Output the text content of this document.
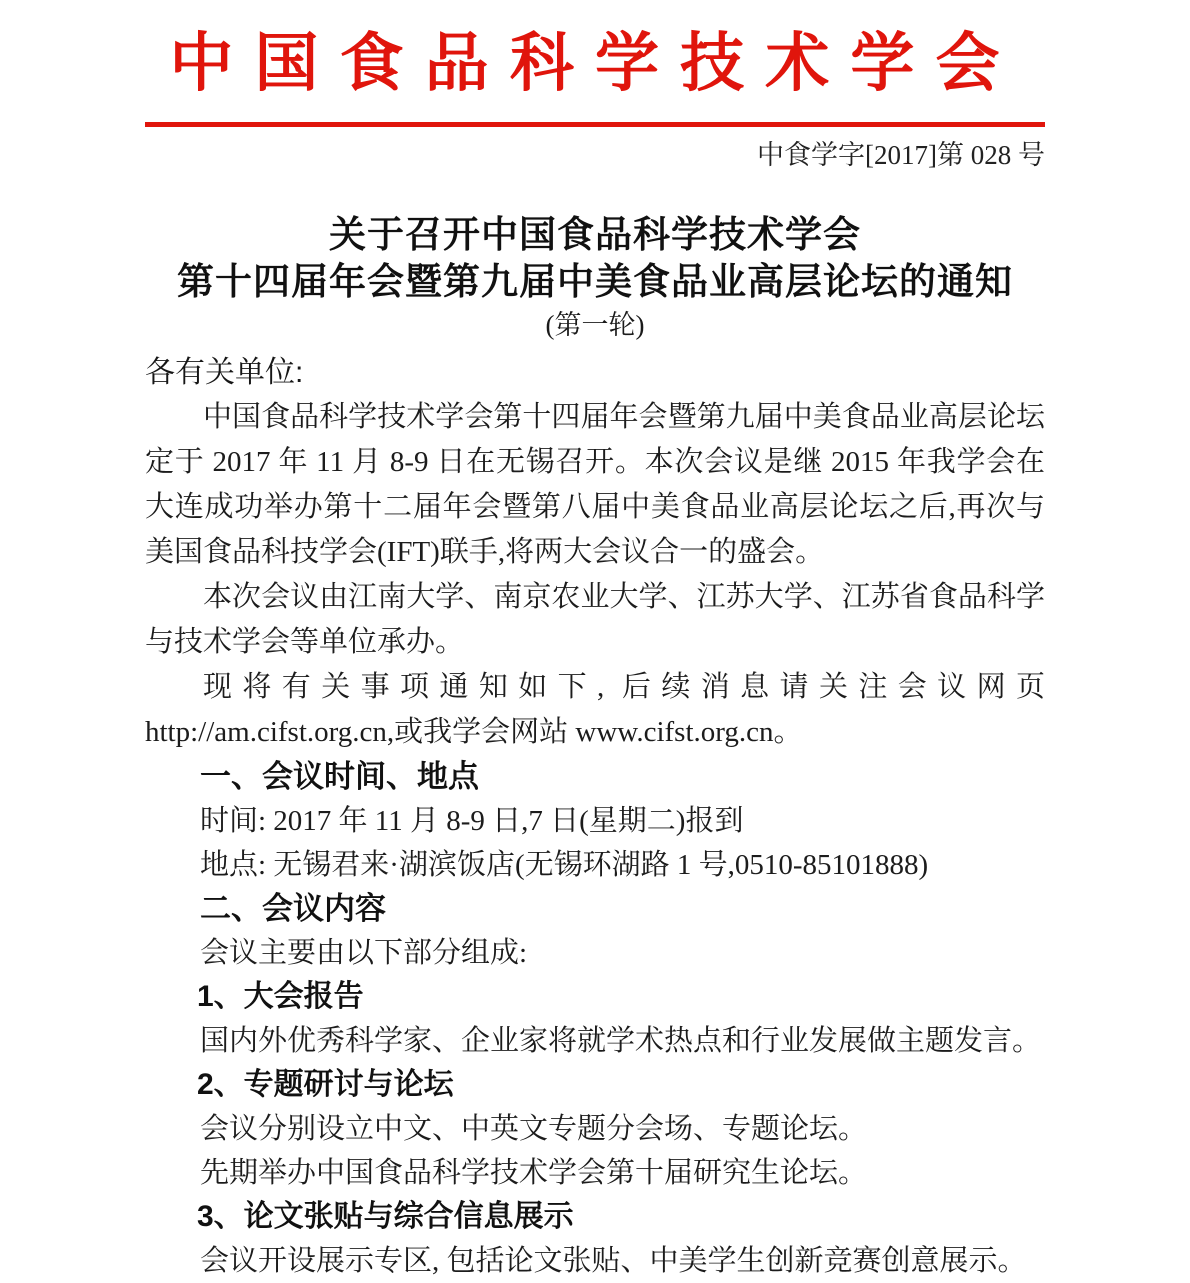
中国食品科学技术学会
中食学字[2017]第 028 号
关于召开中国食品科学技术学会
第十四届年会暨第九届中美食品业高层论坛的通知
(第一轮)
各有关单位:

中国食品科学技术学会第十四届年会暨第九届中美食品业高层论坛定于 2017 年 11 月 8-9 日在无锡召开。本次会议是继 2015 年我学会在大连成功举办第十二届年会暨第八届中美食品业高层论坛之后,再次与美国食品科技学会(IFT)联手,将两大会议合一的盛会。

本次会议由江南大学、南京农业大学、江苏大学、江苏省食品科学与技术学会等单位承办。

现将有关事项通知如下, 后续消息请关注会议网页 http://am.cifst.org.cn,或我学会网站 www.cifst.org.cn。

一、会议时间、地点

时间: 2017 年 11 月 8-9 日,7 日(星期二)报到

地点: 无锡君来·湖滨饭店(无锡环湖路 1 号,0510-85101888)

二、会议内容

会议主要由以下部分组成:

1、大会报告

国内外优秀科学家、企业家将就学术热点和行业发展做主题发言。

2、专题研讨与论坛

会议分别设立中文、中英文专题分会场、专题论坛。

先期举办中国食品科学技术学会第十届研究生论坛。

3、论文张贴与综合信息展示

会议开设展示专区, 包括论文张贴、中美学生创新竞赛创意展示。
